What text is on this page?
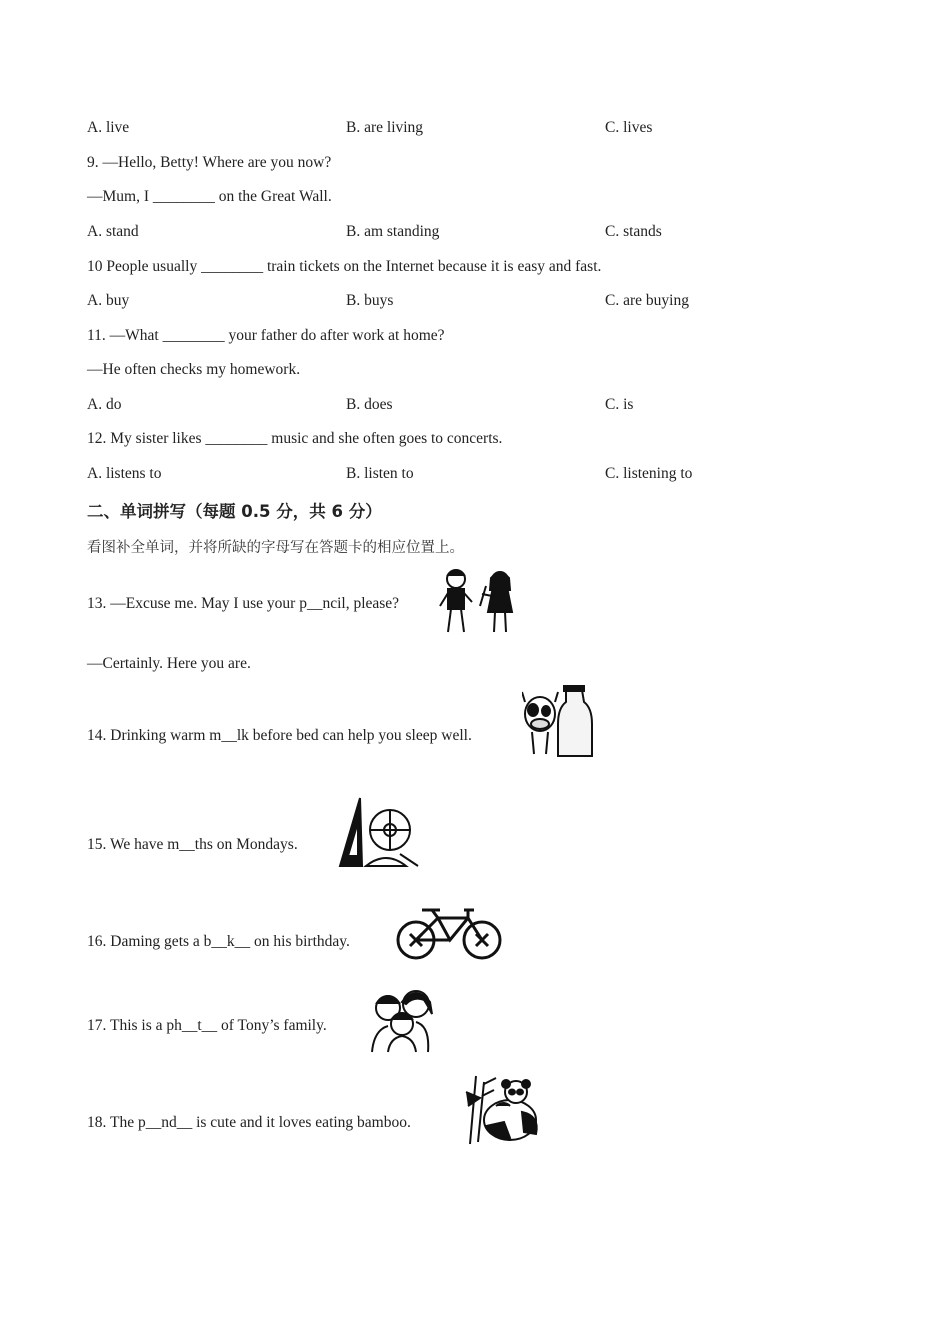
A. live	B. are living	C. lives
9. —Hello, Betty! Where are you now?
—Mum, I ________ on the Great Wall.
A. stand	B. am standing	C. stands
10 People usually ________ train tickets on the Internet because it is easy and fast.
A. buy	B. buys	C. are buying
11. —What ________ your father do after work at home?
—He often checks my homework.
A. do	B. does	C. is
12. My sister likes ________ music and she often goes to concerts.
A. listens to	B. listen to	C. listening to
二、单词拼写（每题 0.5 分，共 6 分）
看图补全单词，并将所缺的字母写在答题卡的相应位置上。
13. —Excuse me. May I use your p__ncil, please?
—Certainly. Here you are.
14. Drinking warm m__lk before bed can help you sleep well.
15. We have m__ths on Mondays.
16. Daming gets a b__k__ on his birthday.
17. This is a ph__t__ of Tony’s family.
18. The p__nd__ is cute and it loves eating bamboo.
